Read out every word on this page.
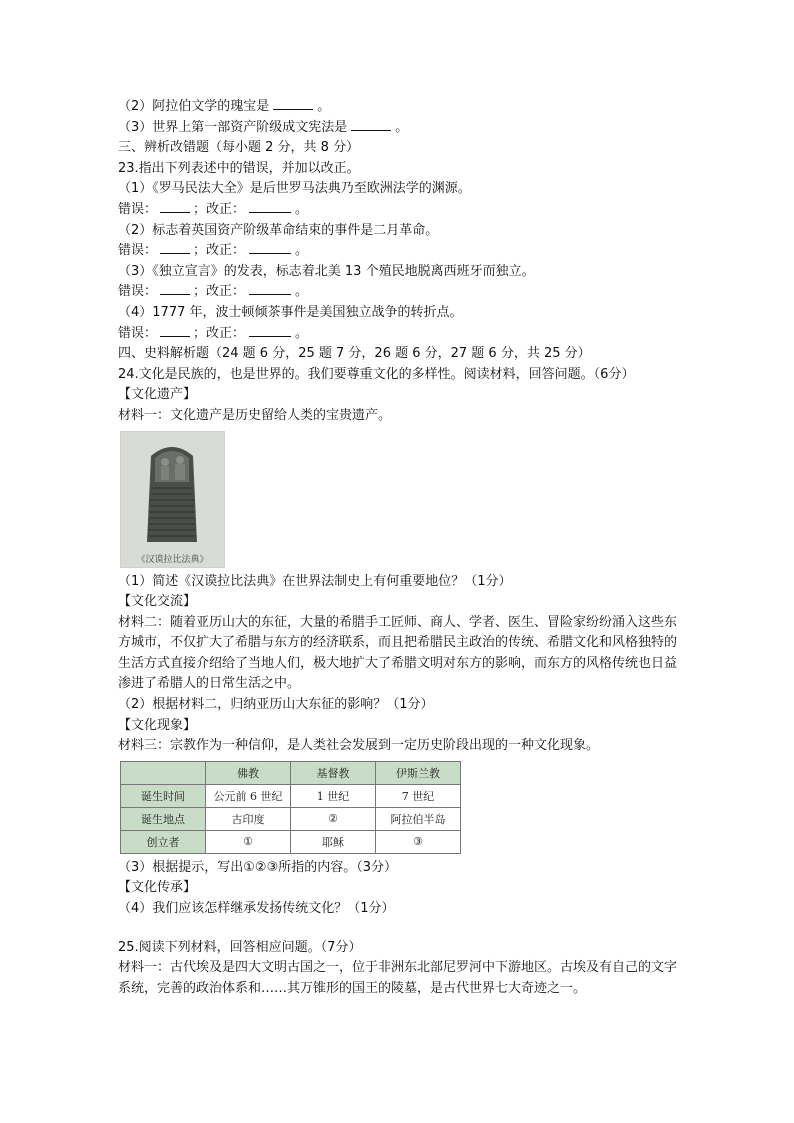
（2）阿拉伯文学的瑰宝是	。
（3）世界上第一部资产阶级成文宪法是	。
三、辨析改错题（每小题 2 分，共 8 分）
23.指出下列表述中的错误，并加以改正。
（1）《罗马民法大全》是后世罗马法典乃至欧洲法学的渊源。
错误：	；改正：	。
（2）标志着英国资产阶级革命结束的事件是二月革命。
错误：	；改正：	。
（3）《独立宣言》的发表，标志着北美 13 个殖民地脱离西班牙而独立。
错误：	；改正：	。
（4）1777 年，波士顿倾茶事件是美国独立战争的转折点。
错误：	；改正：	。
四、史料解析题（24 题 6 分，25 题 7 分，26 题 6 分，27 题 6 分，共 25 分）
24.文化是民族的，也是世界的。我们要尊重文化的多样性。阅读材料，回答问题。（6分）
【文化遗产】
材料一：文化遗产是历史留给人类的宝贵遗产。
《汉谟拉比法典》
（1）简述《汉谟拉比法典》在世界法制史上有何重要地位？（1分）
【文化交流】
材料二：随着亚历山大的东征，大量的希腊手工匠师、商人、学者、医生、冒险家纷纷涌入这些东方城市，不仅扩大了希腊与东方的经济联系，而且把希腊民主政治的传统、希腊文化和风格独特的生活方式直接介绍给了当地人们，极大地扩大了希腊文明对东方的影响，而东方的风格传统也日益渗进了希腊人的日常生活之中。
（2）根据材料二，归纳亚历山大东征的影响？（1分）
【文化现象】
材料三：宗教作为一种信仰，是人类社会发展到一定历史阶段出现的一种文化现象。
	佛教	基督教	伊斯兰教
诞生时间	公元前 6 世纪	1 世纪	7 世纪
诞生地点	古印度	②	阿拉伯半岛
创立者	①	耶稣	③
（3）根据提示，写出①②③所指的内容。（3分）
【文化传承】
（4）我们应该怎样继承发扬传统文化？（1分）
25.阅读下列材料，回答相应问题。（7分）
材料一：古代埃及是四大文明古国之一，位于非洲东北部尼罗河中下游地区。古埃及有自己的文字系统，完善的政治体系和……其万锥形的国王的陵墓，是古代世界七大奇迹之一。
